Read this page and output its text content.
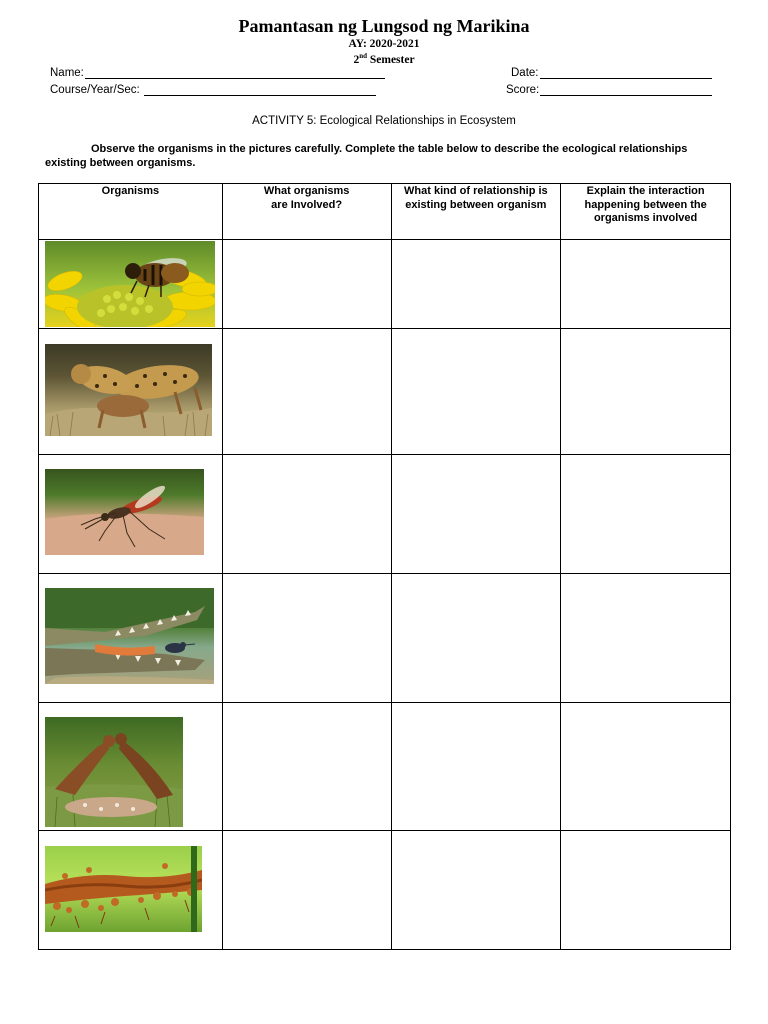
Pamantasan ng Lungsod ng Marikina
AY: 2020-2021
2nd Semester
Name:	Date:
Course/Year/Sec:	Score:
ACTIVITY 5: Ecological Relationships in Ecosystem
Observe the organisms in the pictures carefully. Complete the table below to describe the ecological relationships existing between organisms.
Organisms	What organisms are Involved?	What kind of relationship is existing between organism	Explain the interaction happening between the organisms involved
